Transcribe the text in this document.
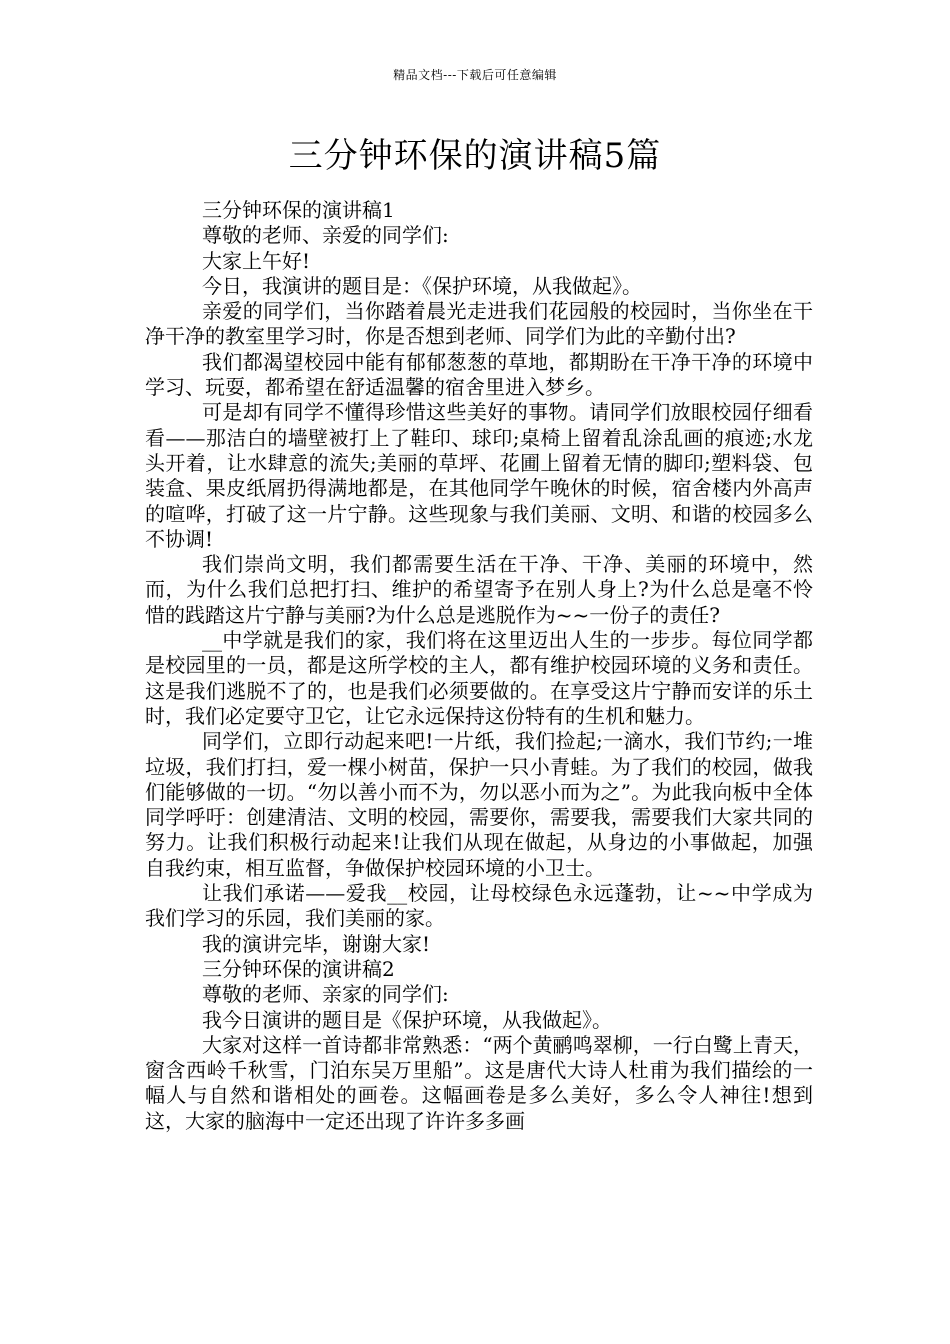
精品文档---下载后可任意编辑
三分钟环保的演讲稿5篇

三分钟环保的演讲稿1

尊敬的老师、亲爱的同学们:

大家上午好!

今日，我演讲的题目是：《保护环境，从我做起》。

亲爱的同学们，当你踏着晨光走进我们花园般的校园时，当你坐在干净干净的教室里学习时，你是否想到老师、同学们为此的辛勤付出?

我们都渴望校园中能有郁郁葱葱的草地，都期盼在干净干净的环境中学习、玩耍，都希望在舒适温馨的宿舍里进入梦乡。

可是却有同学不懂得珍惜这些美好的事物。请同学们放眼校园仔细看看——那洁白的墙壁被打上了鞋印、球印;桌椅上留着乱涂乱画的痕迹;水龙头开着，让水肆意的流失;美丽的草坪、花圃上留着无情的脚印;塑料袋、包装盒、果皮纸屑扔得满地都是，在其他同学午晚休的时候，宿舍楼内外高声的喧哗，打破了这一片宁静。这些现象与我们美丽、文明、和谐的校园多么不协调!

我们崇尚文明，我们都需要生活在干净、干净、美丽的环境中，然而，为什么我们总把打扫、维护的希望寄予在别人身上?为什么总是毫不怜惜的践踏这片宁静与美丽?为什么总是逃脱作为~~一份子的责任?

__中学就是我们的家，我们将在这里迈出人生的一步步。每位同学都是校园里的一员，都是这所学校的主人，都有维护校园环境的义务和责任。这是我们逃脱不了的，也是我们必须要做的。在享受这片宁静而安详的乐土时，我们必定要守卫它，让它永远保持这份特有的生机和魅力。

同学们，立即行动起来吧!一片纸，我们捡起;一滴水，我们节约;一堆垃圾，我们打扫，爱一棵小树苗，保护一只小青蛙。为了我们的校园，做我们能够做的一切。“勿以善小而不为，勿以恶小而为之”。为此我向板中全体同学呼吁：创建清洁、文明的校园，需要你，需要我，需要我们大家共同的努力。让我们积极行动起来!让我们从现在做起，从身边的小事做起，加强自我约束，相互监督，争做保护校园环境的小卫士。

让我们承诺——爱我__校园，让母校绿色永远蓬勃，让~~中学成为我们学习的乐园，我们美丽的家。

我的演讲完毕，谢谢大家!

三分钟环保的演讲稿2

尊敬的老师、亲家的同学们:

我今日演讲的题目是《保护环境，从我做起》。

大家对这样一首诗都非常熟悉：“两个黄鹂鸣翠柳，一行白鹭上青天，窗含西岭千秋雪，门泊东吴万里船”。这是唐代大诗人杜甫为我们描绘的一幅人与自然和谐相处的画卷。这幅画卷是多么美好，多么令人神往!想到这，大家的脑海中一定还出现了许许多多画
